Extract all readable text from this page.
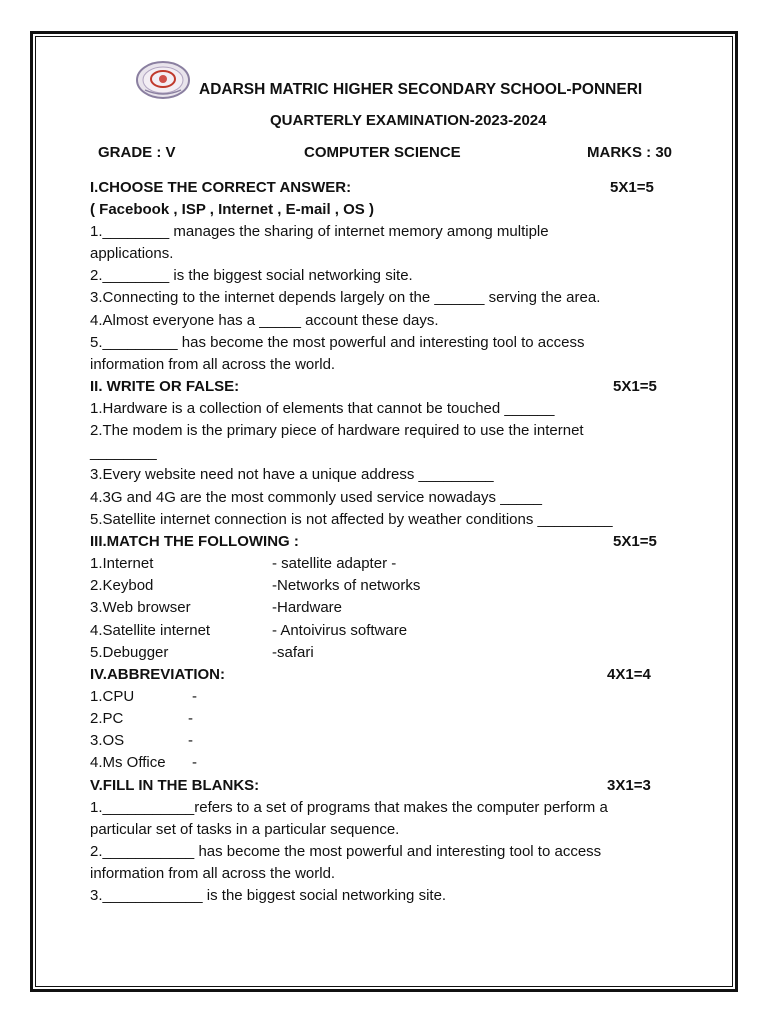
ADARSH MATRIC HIGHER SECONDARY SCHOOL-PONNERI
QUARTERLY EXAMINATION-2023-2024
GRADE : V	COMPUTER SCIENCE	MARKS : 30
I.CHOOSE THE CORRECT ANSWER:	5X1=5
( Facebook , ISP , Internet , E-mail , OS )
1.________ manages the sharing of internet memory among multiple
applications.
2.________ is the biggest social networking site.
3.Connecting to the internet depends largely on the ______ serving the area.
4.Almost everyone has a _____ account these days.
5._________ has become the most powerful and interesting tool to access
information from all across the world.
II. WRITE OR FALSE:	5X1=5
1.Hardware is a collection of elements that cannot be touched ______
2.The modem is the primary piece of hardware required to use the internet
________
3.Every website need not have a unique address _________
4.3G and 4G are the most commonly used service nowadays _____
5.Satellite internet connection is not affected by weather conditions _________
III.MATCH THE FOLLOWING :	5X1=5
1.Internet	- satellite adapter -
2.Keybod	-Networks of networks
3.Web browser	-Hardware
4.Satellite internet	- Antoivirus software
5.Debugger	-safari
IV.ABBREVIATION:	4X1=4
1.CPU	-
2.PC	-
3.OS	-
4.Ms Office -
V.FILL IN THE BLANKS:	3X1=3
1.___________refers to a set of programs that makes the computer perform a
particular set of tasks in a particular sequence.
2.___________ has become the most powerful and interesting tool to access
information from all across the world.
3.____________ is the biggest social networking site.
